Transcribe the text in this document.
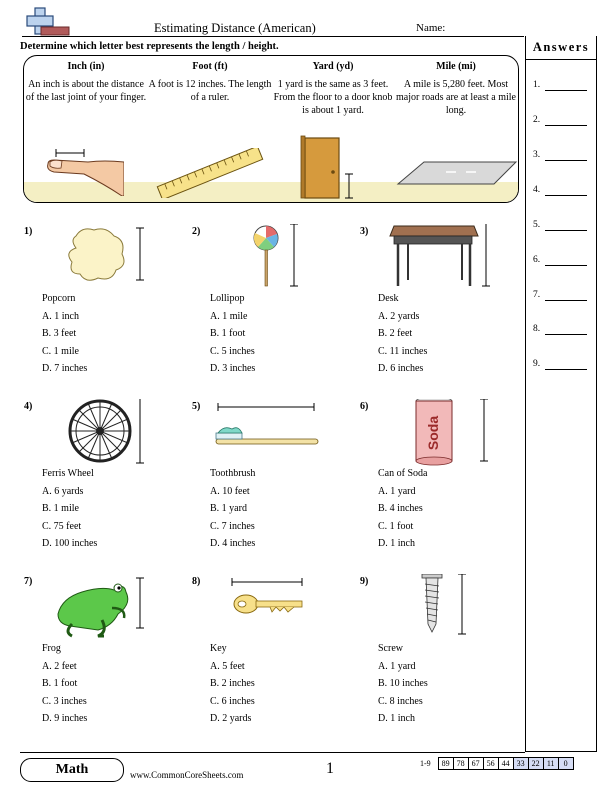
Estimating Distance (American)	Name:
Determine which letter best represents the length / height.	Answers
1.
2.
3.
4.
5.
6.
7.
8.
9.
Inch (in)
An inch is about the distance of the last joint of your finger.
Foot (ft)
A foot is 12 inches. The length of a ruler.
Yard (yd)
1 yard is the same as 3 feet. From the floor to a door knob is about 1 yard.
Mile (mi)
A mile is 5,280 feet. Most major roads are at least a mile long.
1)
Popcorn
A. 1 inch
B. 3 feet
C. 1 mile
D. 7 inches
2)
Lollipop
A. 1 mile
B. 1 foot
C. 5 inches
D. 3 inches
3)
Desk
A. 2 yards
B. 2 feet
C. 11 inches
D. 6 inches
4)
Ferris Wheel
A. 6 yards
B. 1 mile
C. 75 feet
D. 100 inches
5)
Toothbrush
A. 10 feet
B. 1 yard
C. 7 inches
D. 4 inches
6)
Soda
Can of Soda
A. 1 yard
B. 4 inches
C. 1 foot
D. 1 inch
7)
Frog
A. 2 feet
B. 1 foot
C. 3 inches
D. 9 inches
8)
Key
A. 5 feet
B. 2 inches
C. 6 inches
D. 2 yards
9)
Screw
A. 1 yard
B. 10 inches
C. 8 inches
D. 1 inch
Math	www.CommonCoreSheets.com	1	1-9	89 78 67 56 44 33 22 11	0
